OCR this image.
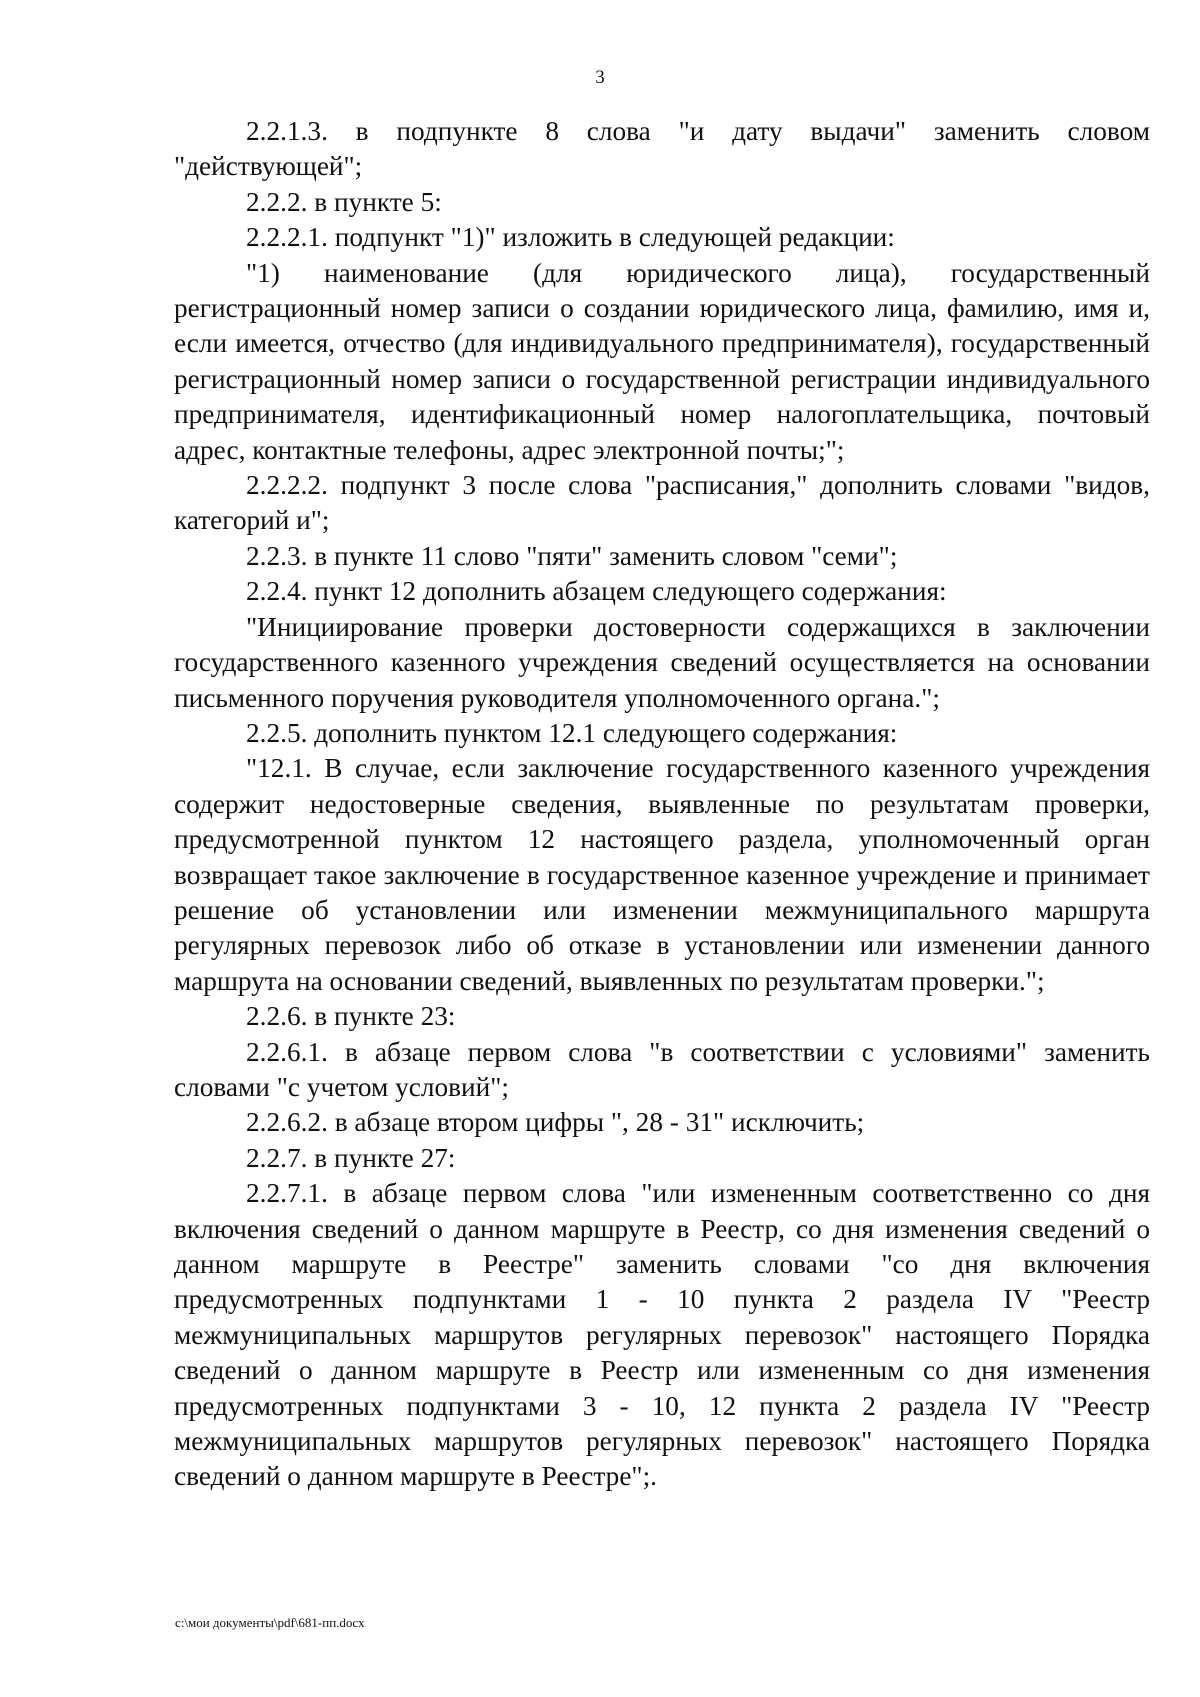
3

2.2.1.3. в подпункте 8 слова "и дату выдачи" заменить словом "действующей";

2.2.2. в пункте 5:

2.2.2.1. подпункт "1)" изложить в следующей редакции:

"1) наименование (для юридического лица), государственный регистрационный номер записи о создании юридического лица, фамилию, имя и, если имеется, отчество (для индивидуального предпринимателя), государственный регистрационный номер записи о государственной регистрации индивидуального предпринимателя, идентификационный номер налогоплательщика, почтовый адрес, контактные телефоны, адрес электронной почты;";

2.2.2.2. подпункт 3 после слова "расписания," дополнить словами "видов, категорий и";

2.2.3. в пункте 11 слово "пяти" заменить словом "семи";

2.2.4. пункт 12 дополнить абзацем следующего содержания:

"Инициирование проверки достоверности содержащихся в заключении государственного казенного учреждения сведений осуществляется на основании письменного поручения руководителя уполномоченного органа.";

2.2.5. дополнить пунктом 12.1 следующего содержания:

"12.1. В случае, если заключение государственного казенного учреждения содержит недостоверные сведения, выявленные по результатам проверки, предусмотренной пунктом 12 настоящего раздела, уполномоченный орган возвращает такое заключение в государственное казенное учреждение и принимает решение об установлении или изменении межмуниципального маршрута регулярных перевозок либо об отказе в установлении или изменении данного маршрута на основании сведений, выявленных по результатам проверки.";

2.2.6. в пункте 23:

2.2.6.1. в абзаце первом слова "в соответствии с условиями" заменить словами "с учетом условий";

2.2.6.2. в абзаце втором цифры ", 28 - 31" исключить;

2.2.7. в пункте 27:

2.2.7.1. в абзаце первом слова "или измененным соответственно со дня включения сведений о данном маршруте в Реестр, со дня изменения сведений о данном маршруте в Реестре" заменить словами "со дня включения предусмотренных подпунктами 1 - 10 пункта 2 раздела IV "Реестр межмуниципальных маршрутов регулярных перевозок" настоящего Порядка сведений о данном маршруте в Реестр или измененным со дня изменения предусмотренных подпунктами 3 - 10, 12 пункта 2 раздела IV "Реестр межмуниципальных маршрутов регулярных перевозок" настоящего Порядка сведений о данном маршруте в Реестре";.

c:\мои документы\pdf\681-пп.docx
